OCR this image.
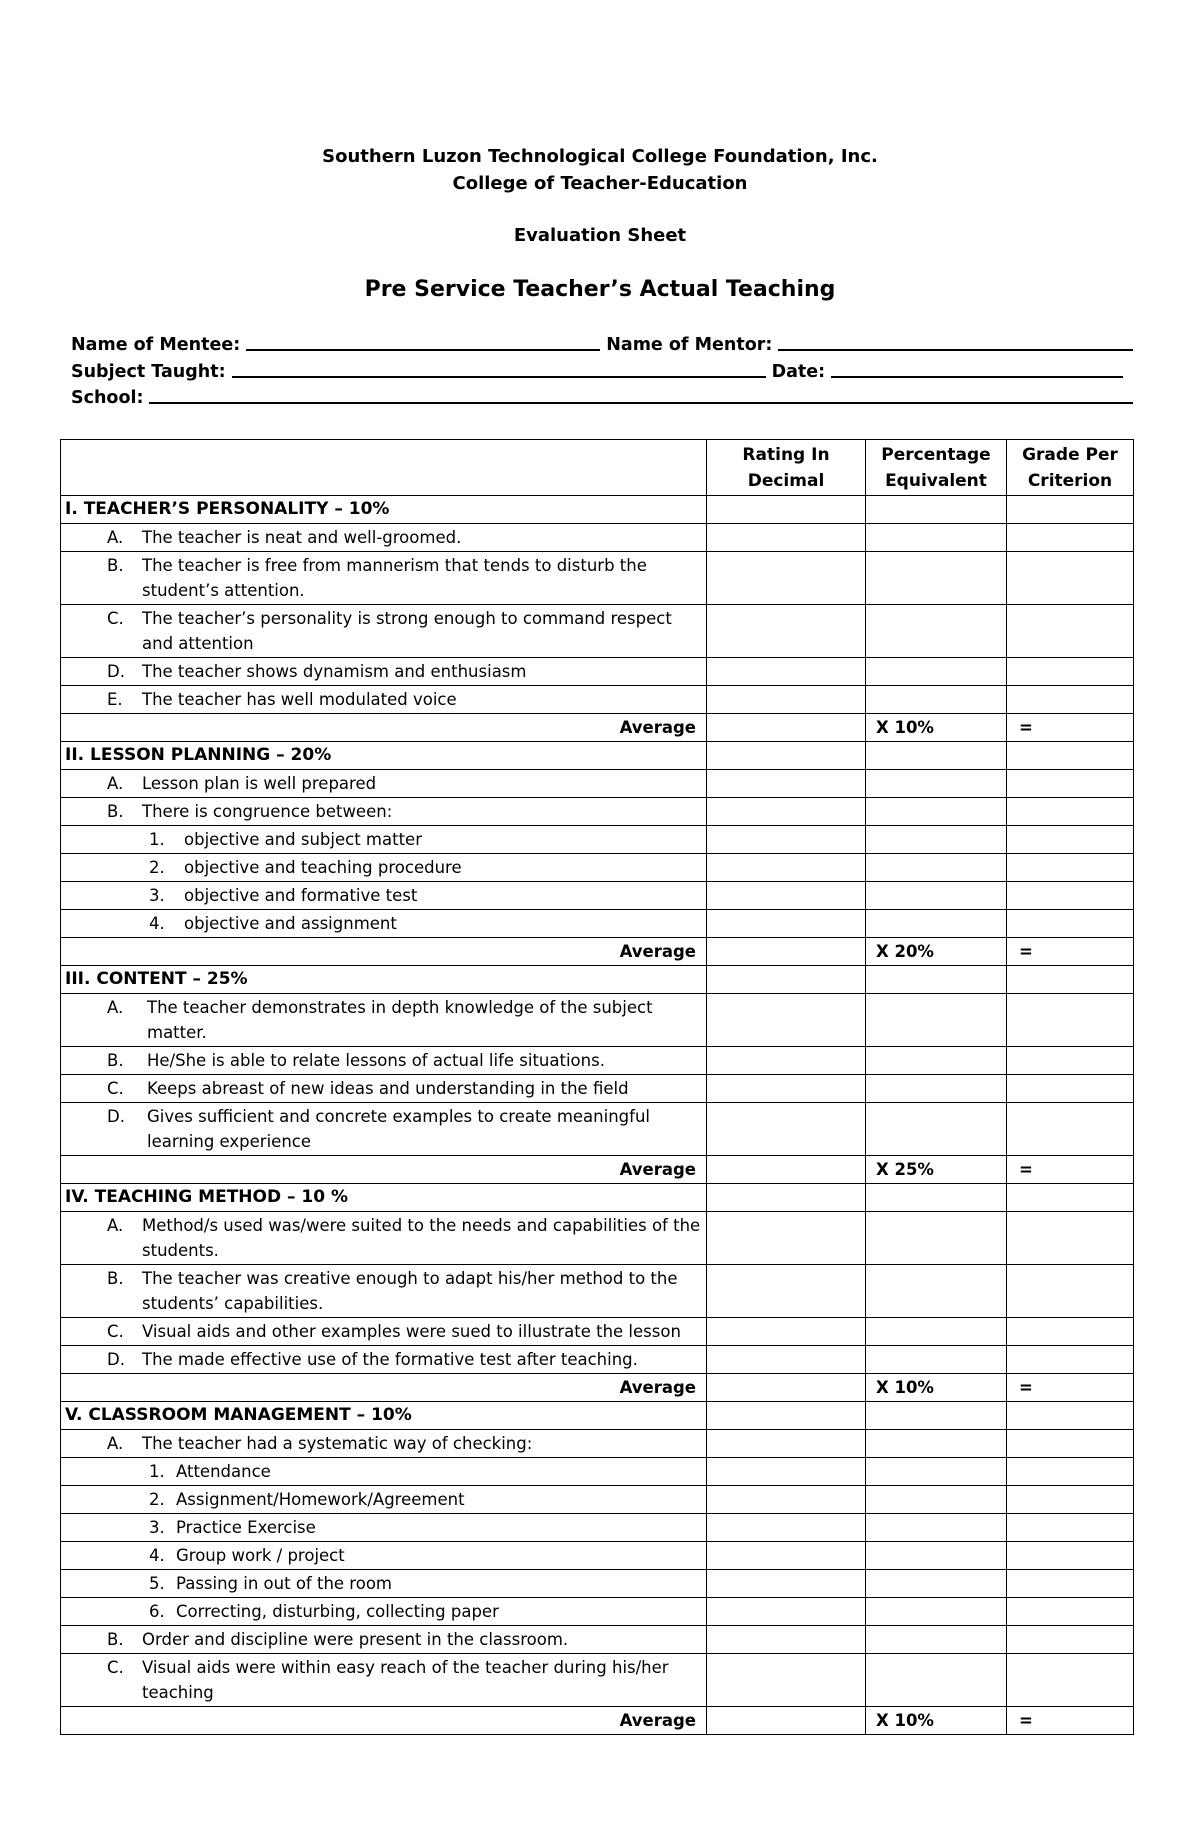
Southern Luzon Technological College Foundation, Inc.
College of Teacher-Education
Evaluation Sheet
Pre Service Teacher’s Actual Teaching
Name of Mentee:	Name of Mentor:
Subject Taught:	Date:
School:
	Rating In Decimal	Percentage Equivalent	Grade Per Criterion
I. TEACHER’S PERSONALITY – 10%			

A. The teacher is neat and well-groomed.			

B. The teacher is free from mannerism that tends to disturb the student’s attention.			

C. The teacher’s personality is strong enough to command respect and attention			

D. The teacher shows dynamism and enthusiasm			

E. The teacher has well modulated voice			

Average		X 10%	=
II. LESSON PLANNING – 20%			

A. Lesson plan is well prepared			

B. There is congruence between:			

1. objective and subject matter			

2. objective and teaching procedure			

3. objective and formative test			

4. objective and assignment			

Average		X 20%	=
III. CONTENT – 25%			

A. The teacher demonstrates in depth knowledge of the subject matter.			

B. He/She is able to relate lessons of actual life situations.			

C. Keeps abreast of new ideas and understanding in the field			

D. Gives sufficient and concrete examples to create meaningful learning experience			

Average		X 25%	=
IV. TEACHING METHOD – 10 %			

A. Method/s used was/were suited to the needs and capabilities of the students.			

B. The teacher was creative enough to adapt his/her method to the students’ capabilities.			

C. Visual aids and other examples were sued to illustrate the lesson			

D. The made effective use of the formative test after teaching.			

Average		X 10%	=
V. CLASSROOM MANAGEMENT – 10%			

A. The teacher had a systematic way of checking:			

1. Attendance			

2. Assignment/Homework/Agreement			

3. Practice Exercise			

4. Group work / project			

5. Passing in out of the room			

6. Correcting, disturbing, collecting paper			

B. Order and discipline were present in the classroom.			

C. Visual aids were within easy reach of the teacher during his/her teaching			

Average		X 10%	=
